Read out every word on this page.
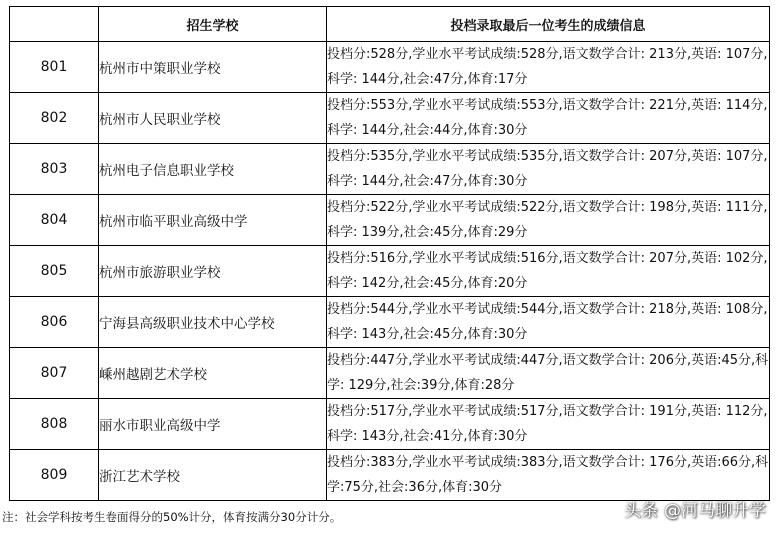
	招生学校	投档录取最后一位考生的成绩信息
801	杭州市中策职业学校	投档分:528分,学业水平考试成绩:528分,语文数学合计: 213分,英语: 107分,科学: 144分,社会:47分,体育:17分
802	杭州市人民职业学校	投档分:553分,学业水平考试成绩:553分,语文数学合计: 221分,英语: 114分,科学: 144分,社会:44分,体育:30分
803	杭州电子信息职业学校	投档分:535分,学业水平考试成绩:535分,语文数学合计: 207分,英语: 107分,科学: 144分,社会:47分,体育:30分
804	杭州市临平职业高级中学	投档分:522分,学业水平考试成绩:522分,语文数学合计: 198分,英语: 111分,科学: 139分,社会:45分,体育:29分
805	杭州市旅游职业学校	投档分:516分,学业水平考试成绩:516分,语文数学合计: 207分,英语: 102分,科学: 142分,社会:45分,体育:20分
806	宁海县高级职业技术中心学校	投档分:544分,学业水平考试成绩:544分,语文数学合计: 218分,英语: 108分,科学: 143分,社会:45分,体育:30分
807	嵊州越剧艺术学校	投档分:447分,学业水平考试成绩:447分,语文数学合计: 206分,英语:45分,科学: 129分,社会:39分,体育:28分
808	丽水市职业高级中学	投档分:517分,学业水平考试成绩:517分,语文数学合计: 191分,英语: 112分,科学: 143分,社会:41分,体育:30分
809	浙江艺术学校	投档分:383分,学业水平考试成绩:383分,语文数学合计: 176分,英语:66分,科学:75分,社会:36分,体育:30分
注：社会学科按考生卷面得分的50%计分，体育按满分30分计分。	头条 @河马聊升学
